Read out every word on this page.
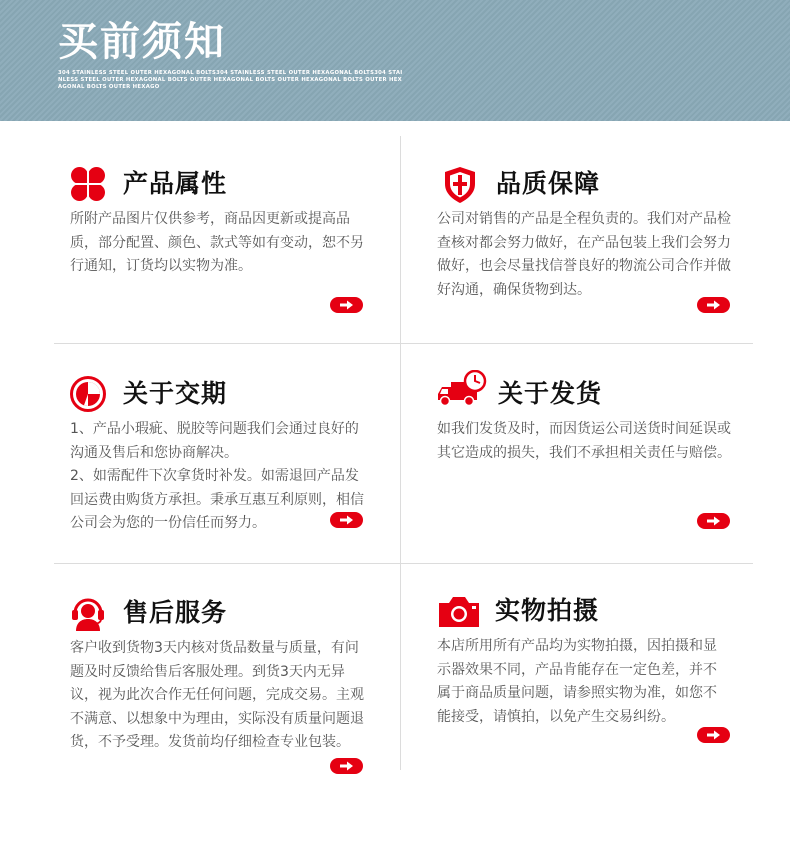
买前须知
304 STAINLESS STEEL OUTER HEXAGONAL BOLTS304 STAINLESS STEEL OUTER HEXAGONAL BOLTS304 STAINLESS STEEL OUTER HEXAGONAL BOLTS OUTER HEXAGONAL BOLTS OUTER HEXAGONAL BOLTS OUTER HEXAGONAL BOLTS OUTER HEXAGO
产品属性

所附产品图片仅供参考，商品因更新或提高品质，部分配置、颜色、款式等如有变动，恕不另行通知，订货均以实物为准。

品质保障

公司对销售的产品是全程负责的。我们对产品检查核对都会努力做好，在产品包装上我们会努力做好，也会尽量找信誉良好的物流公司合作并做好沟通，确保货物到达。

关于交期

1、产品小瑕疵、脱胶等问题我们会通过良好的沟通及售后和您协商解决。

2、如需配件下次拿货时补发。如需退回产品发回运费由购货方承担。秉承互惠互利原则，相信公司会为您的一份信任而努力。

关于发货

如我们发货及时，而因货运公司送货时间延误或其它造成的损失，我们不承担相关责任与赔偿。

售后服务

客户收到货物3天内核对货品数量与质量，有问题及时反馈给售后客服处理。到货3天内无异议，视为此次合作无任何问题，完成交易。主观不满意、以想象中为理由，实际没有质量问题退货，不予受理。发货前均仔细检查专业包装。

实物拍摄

本店所用所有产品均为实物拍摄，因拍摄和显示器效果不同，产品肯能存在一定色差，并不属于商品质量问题，请参照实物为准，如您不能接受，请慎拍，以免产生交易纠纷。
